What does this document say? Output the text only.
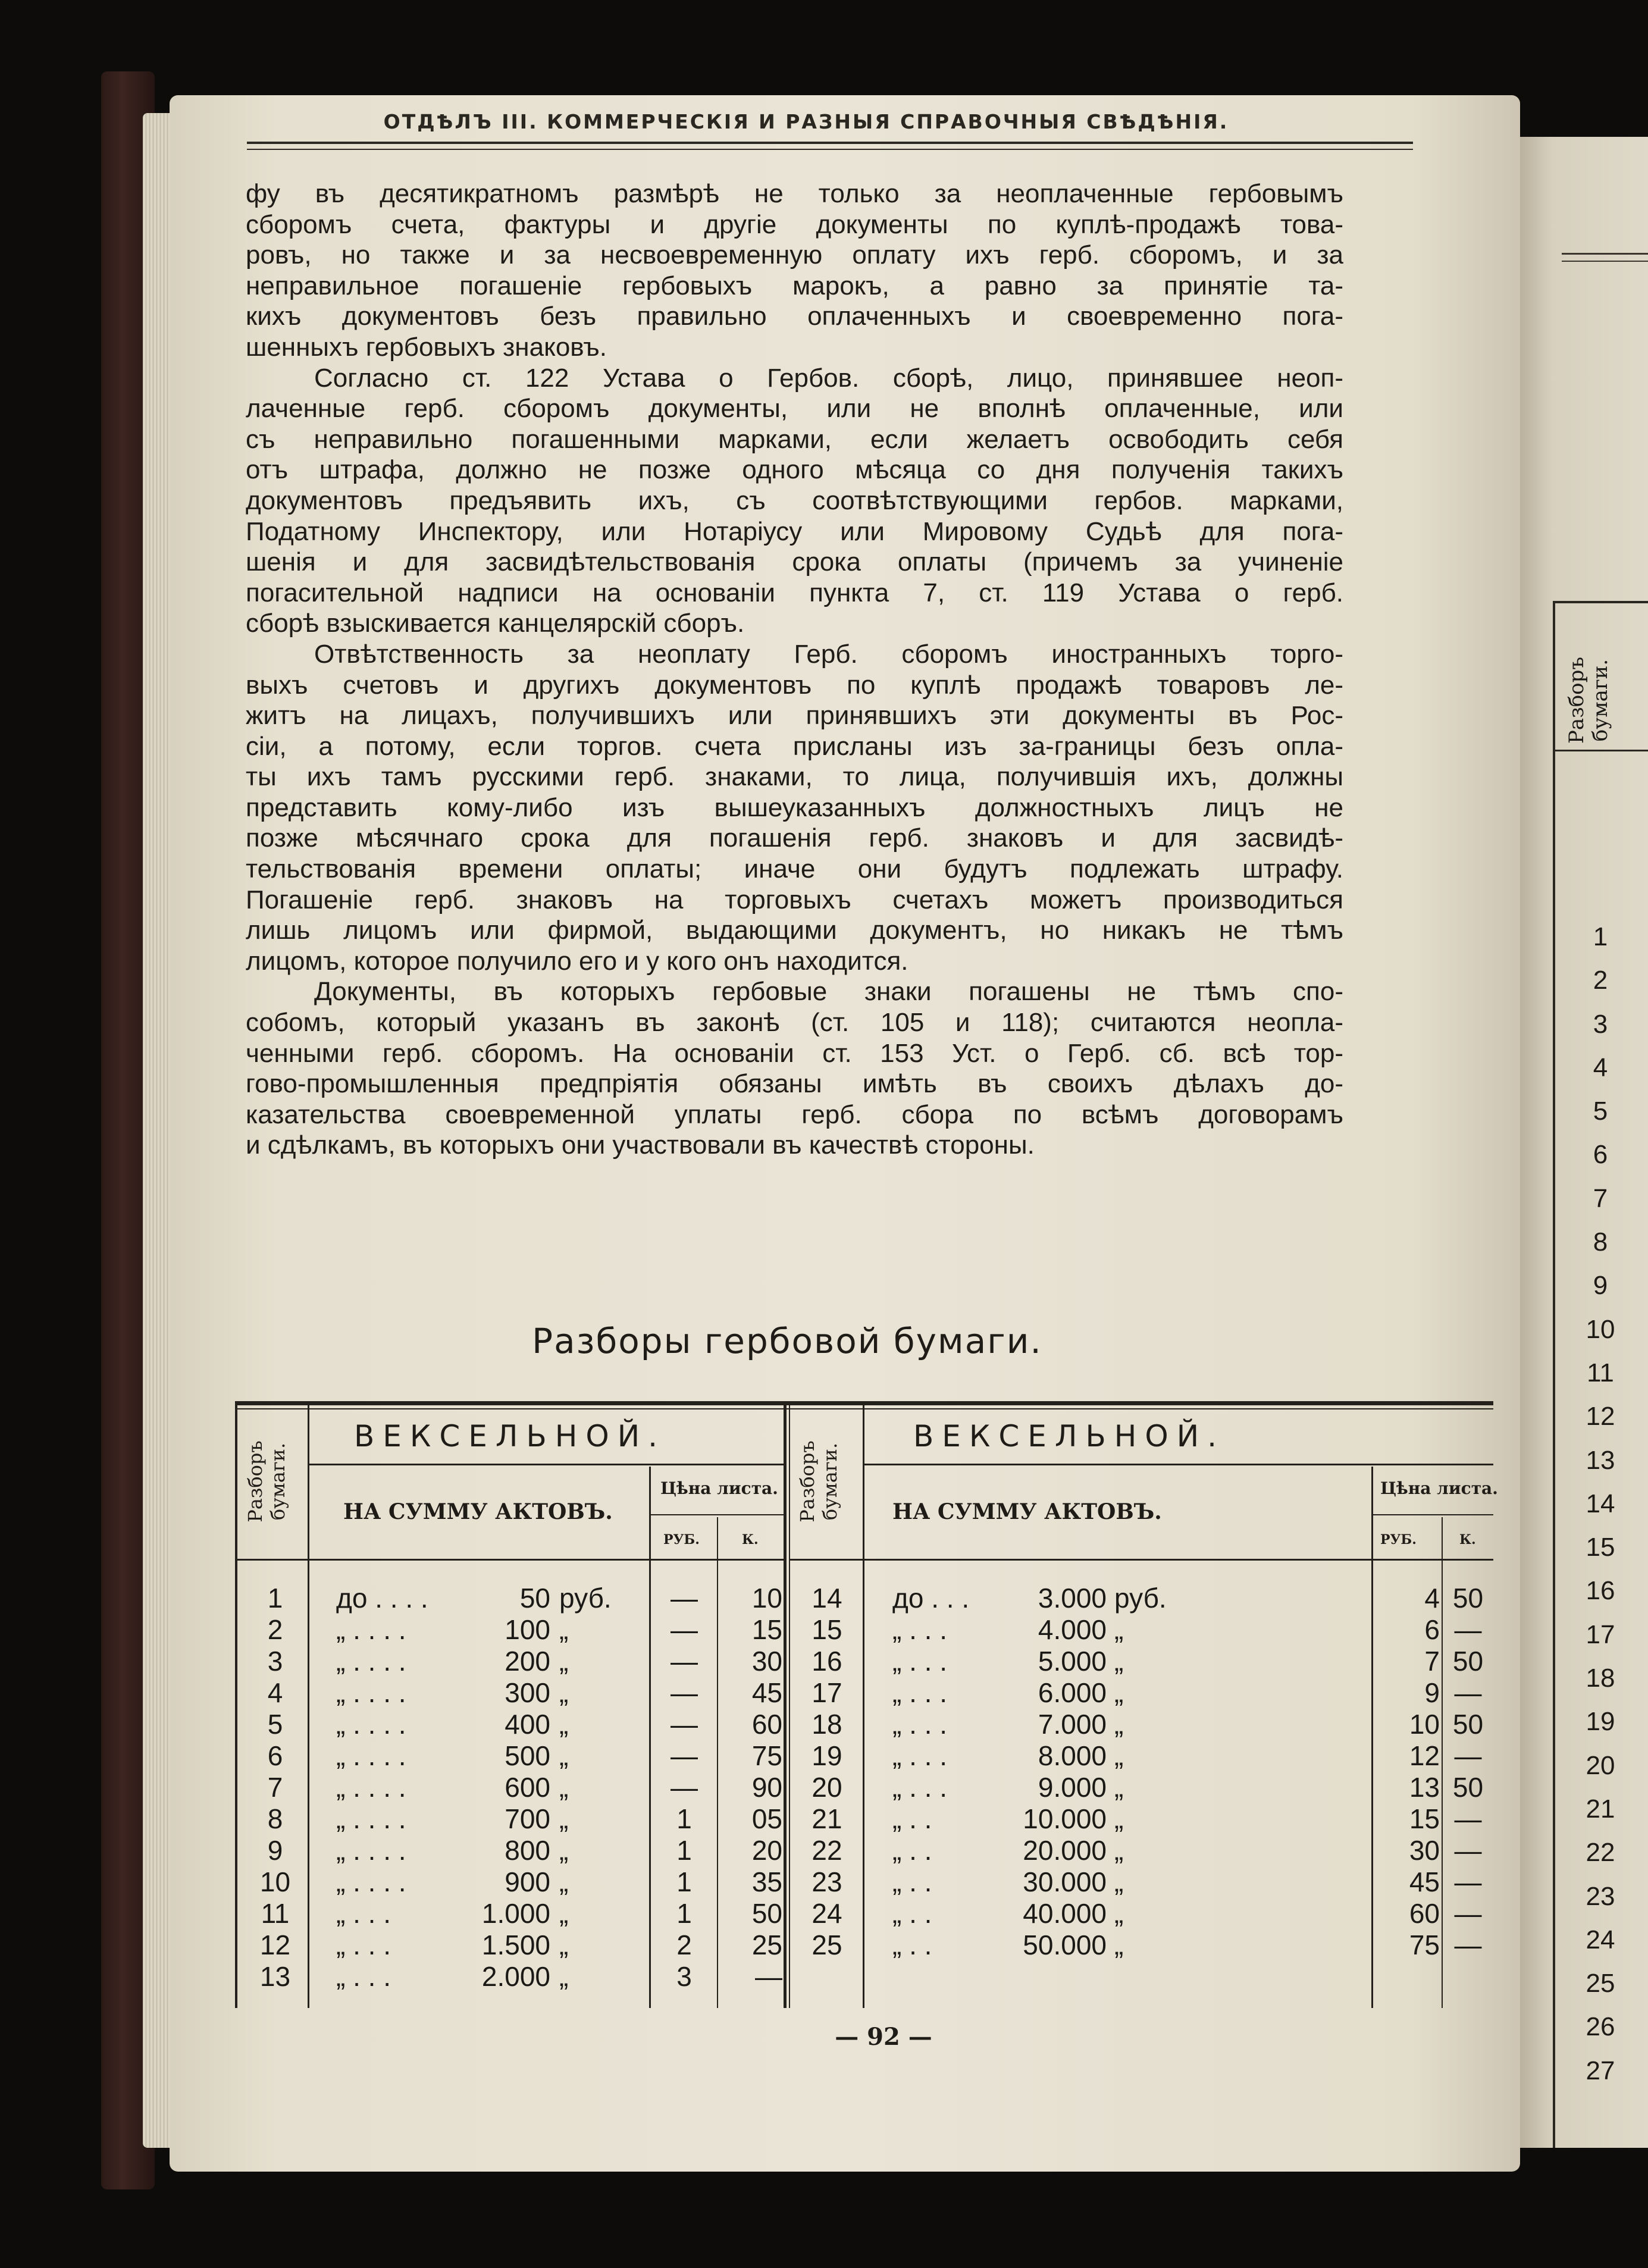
ОТДѢЛЪ III. КОММЕРЧЕСКІЯ И РАЗНЫЯ СПРАВОЧНЫЯ СВѢДѢНІЯ.

фу въ десятикратномъ размѣрѣ не только за неоплаченные гербовымъ
сборомъ счета, фактуры и другіе документы по куплѣ-продажѣ това-
ровъ, но также и за несвоевременную оплату ихъ герб. сборомъ, и за
неправильное погашеніе гербовыхъ марокъ, а равно за принятіе та-
кихъ документовъ безъ правильно оплаченныхъ и своевременно пога-
шенныхъ гербовыхъ знаковъ.

Согласно ст. 122 Устава о Гербов. сборѣ, лицо, принявшее неоп-
лаченные герб. сборомъ документы, или не вполнѣ оплаченные, или
съ неправильно погашенными марками, если желаетъ освободить себя
отъ штрафа, должно не позже одного мѣсяца со дня полученія такихъ
документовъ предъявить ихъ, съ соотвѣтствующими гербов. марками,
Податному Инспектору, или Нотаріусу или Мировому Судьѣ для пога-
шенія и для засвидѣтельствованія срока оплаты (причемъ за учиненіе
погасительной надписи на основаніи пункта 7, ст. 119 Устава о герб.
сборѣ взыскивается канцелярскій сборъ.

Отвѣтственность за неоплату Герб. сборомъ иностранныхъ торго-
выхъ счетовъ и другихъ документовъ по куплѣ продажѣ товаровъ ле-
житъ на лицахъ, получившихъ или принявшихъ эти документы въ Рос-
сіи, а потому, если торгов. счета присланы изъ за-границы безъ опла-
ты ихъ тамъ русскими герб. знаками, то лица, получившія ихъ, должны
представить кому-либо изъ вышеуказанныхъ должностныхъ лицъ не
позже мѣсячнаго срока для погашенія герб. знаковъ и для засвидѣ-
тельствованія времени оплаты; иначе они будутъ подлежать штрафу.
Погашеніе герб. знаковъ на торговыхъ счетахъ можетъ производиться
лишь лицомъ или фирмой, выдающими документъ, но никакъ не тѣмъ
лицомъ, которое получило его и у кого онъ находится.

Документы, въ которыхъ гербовые знаки погашены не тѣмъ спо-
собомъ, который указанъ въ законѣ (ст. 105 и 118); считаются неопла-
ченными герб. сборомъ. На основаніи ст. 153 Уст. о Герб. сб. всѣ тор-
гово-промышленныя предпріятія обязаны имѣть въ своихъ дѣлахъ до-
казательства своевременной уплаты герб. сбора по всѣмъ договорамъ
и сдѣлкамъ, въ которыхъ они участвовали въ качествѣ стороны.

Разборы гербовой бумаги.
Разборъ бумаги.
ВЕКСЕЛЬНОЙ.
НА СУММУ АКТОВЪ.
Цѣна листа.
РУБ.	К.
Разборъ бумаги.
ВЕКСЕЛЬНОЙ.
НА СУММУ АКТОВЪ.
Цѣна листа.
РУБ.	К.
1	до . . . .	50 руб. —	10	14	до . . .	3.000 руб.	4 50
2	„ . . . .	100 „	—	15	15	„ . . .	4.000 „	6 —
3	„ . . . .	200 „	—	30	16	„ . . .	5.000 „	7 50
4	„ . . . .	300 „	—	45	17	„ . . .	6.000 „	9 —
5	„ . . . .	400 „	—	60	18	„ . . .	7.000 „	10 50
6	„ . . . .	500 „	—	75	19	„ . . .	8.000 „	12 —
7	„ . . . .	600 „	—	90	20	„ . . .	9.000 „	13 50
8	„ . . . .	700 „	1	05	21	„ . .	10.000 „	15 —
9	„ . . . .	800 „	1	20	22	„ . .	20.000 „	30 —
10 „ . . . .	900 „	1	35	23	„ . .	30.000 „	45 —
11 „ . . .	1.000 „	1	50	24	„ . .	40.000 „	60 —
12 „ . . .	1.500 „	2	25	25	„ . .	50.000 „	75 —
13 „ . . .	2.000 „	3	—
— 92 —
Разборъ бумаги.
1
2
3
4
5
6
7
8
9
10
11
12
13
14
15
16
17
18
19
20
21
22
23
24
25
26
27
